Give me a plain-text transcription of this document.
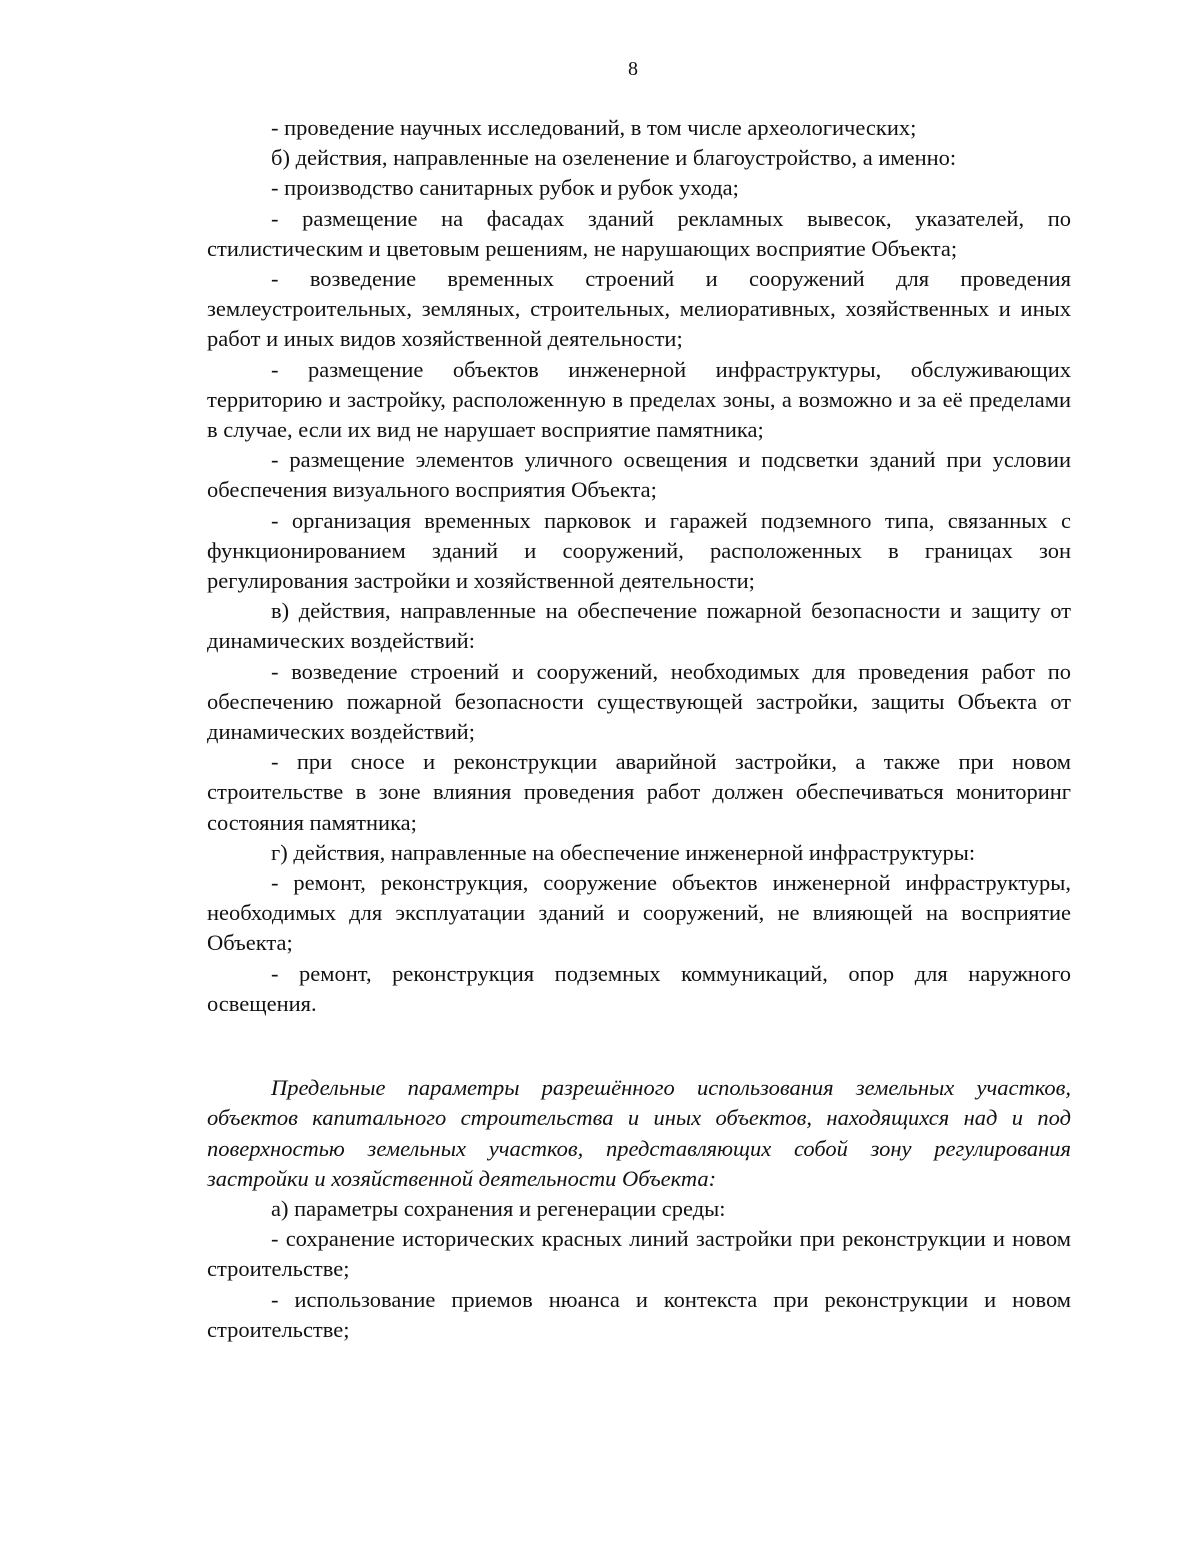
8

- проведение научных исследований, в том числе археологических;

б) действия, направленные на озеленение и благоустройство, а именно:

- производство санитарных рубок и рубок ухода;

- размещение на фасадах зданий рекламных вывесок, указателей, по стилистическим и цветовым решениям, не нарушающих восприятие Объекта;

- возведение временных строений и сооружений для проведения землеустроительных, земляных, строительных, мелиоративных, хозяйственных и иных работ и иных видов хозяйственной деятельности;

- размещение объектов инженерной инфраструктуры, обслуживающих территорию и застройку, расположенную в пределах зоны, а возможно и за её пределами в случае, если их вид не нарушает восприятие памятника;

- размещение элементов уличного освещения и подсветки зданий при условии обеспечения визуального восприятия Объекта;

- организация временных парковок и гаражей подземного типа, связанных с функционированием зданий и сооружений, расположенных в границах зон регулирования застройки и хозяйственной деятельности;

в) действия, направленные на обеспечение пожарной безопасности и защиту от динамических воздействий:

- возведение строений и сооружений, необходимых для проведения работ по обеспечению пожарной безопасности существующей застройки, защиты Объекта от динамических воздействий;

- при сносе и реконструкции аварийной застройки, а также при новом строительстве в зоне влияния проведения работ должен обеспечиваться мониторинг состояния памятника;

г) действия, направленные на обеспечение инженерной инфраструктуры:

- ремонт, реконструкция, сооружение объектов инженерной инфраструктуры, необходимых для эксплуатации зданий и сооружений, не влияющей на восприятие Объекта;

- ремонт, реконструкция подземных коммуникаций, опор для наружного освещения.

Предельные параметры разрешённого использования земельных участков, объектов капитального строительства и иных объектов, находящихся над и под поверхностью земельных участков, представляющих собой зону регулирования застройки и хозяйственной деятельности Объекта:

а) параметры сохранения и регенерации среды:

- сохранение исторических красных линий застройки при реконструкции и новом строительстве;

- использование приемов нюанса и контекста при реконструкции и новом строительстве;
